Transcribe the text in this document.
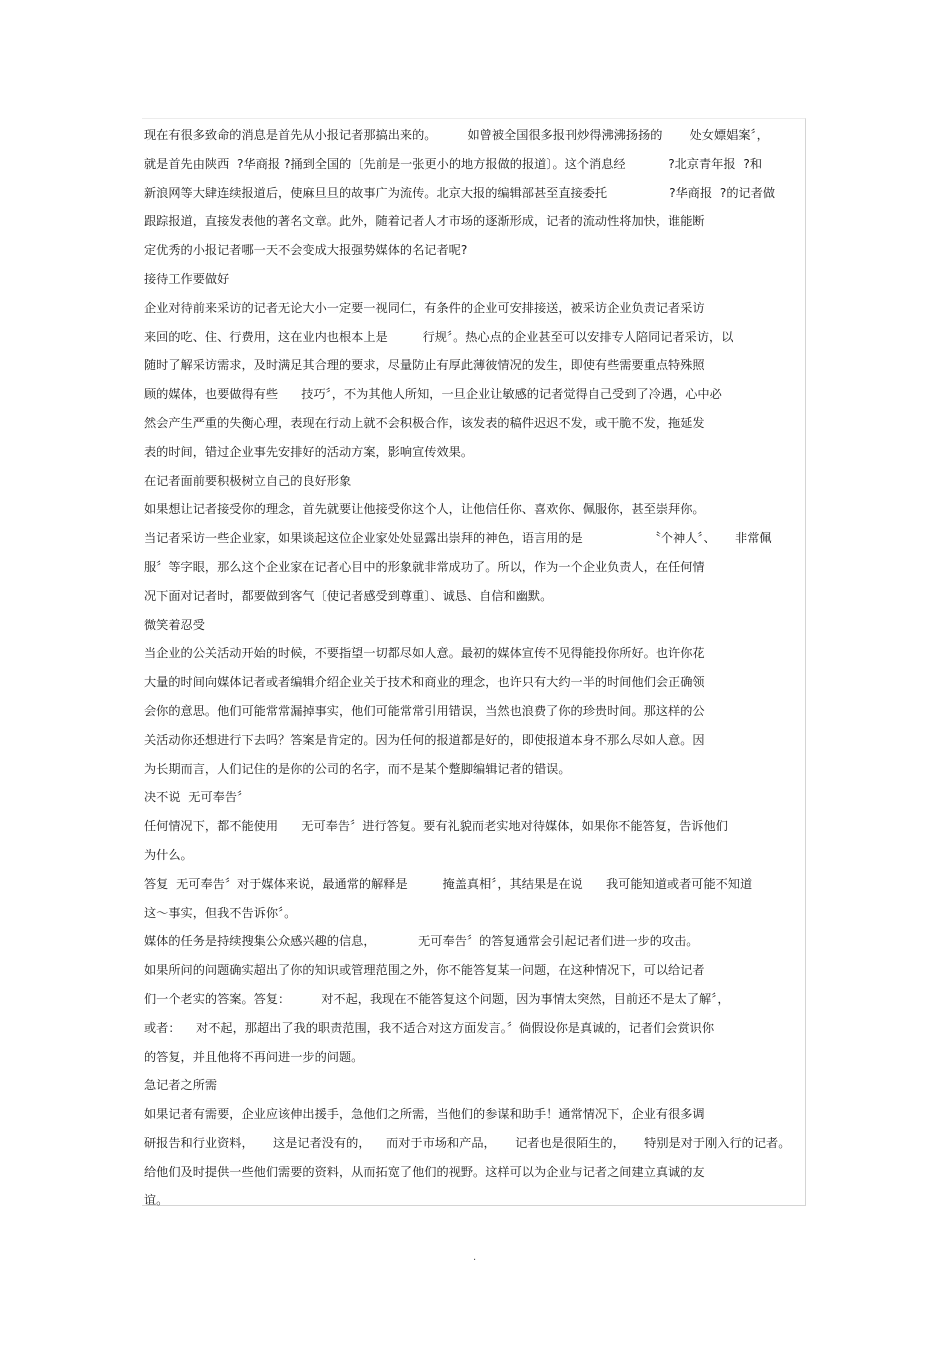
现在有很多致命的消息是首先从小报记者那搞出来的。        如曾被全国很多报刊炒得沸沸扬扬的       处女嫖娼案〞，
就是首先由陕西  ?华商报 ?捅到全国的〔先前是一张更小的地方报做的报道〕。这个消息经           ?北京青年报  ?和
新浪网等大肆连续报道后，使麻旦旦的故事广为流传。北京大报的编辑部甚至直接委托                ?华商报  ?的记者做
跟踪报道，直接发表他的著名文章。此外，随着记者人才市场的逐渐形成，记者的流动性将加快，谁能断
定优秀的小报记者哪一天不会变成大报强势媒体的名记者呢?
接待工作要做好
企业对待前来采访的记者无论大小一定要一视同仁，有条件的企业可安排接送，被采访企业负责记者采访
来回的吃、住、行费用，这在业内也根本上是         行规〞。热心点的企业甚至可以安排专人陪同记者采访，以
随时了解采访需求，及时满足其合理的要求，尽量防止有厚此薄彼情况的发生，即使有些需要重点特殊照
顾的媒体，也要做得有些      技巧〞，不为其他人所知，一旦企业让敏感的记者觉得自己受到了冷遇，心中必
然会产生严重的失衡心理，表现在行动上就不会积极合作，该发表的稿件迟迟不发，或干脆不发，拖延发
表的时间，错过企业事先安排好的活动方案，影响宣传效果。
在记者面前要积极树立自己的良好形象
如果想让记者接受你的理念，首先就要让他接受你这个人，让他信任你、喜欢你、佩服你，甚至崇拜你。
当记者采访一些企业家，如果谈起这位企业家处处显露出崇拜的神色，语言用的是                 〝个神人〞、     非常佩
服〞等字眼，那么这个企业家在记者心目中的形象就非常成功了。所以，作为一个企业负责人，在任何情
况下面对记者时，都要做到客气〔使记者感受到尊重〕、诚恳、自信和幽默。
微笑着忍受
当企业的公关活动开始的时候，不要指望一切都尽如人意。最初的媒体宣传不见得能投你所好。也许你花
大量的时间向媒体记者或者编辑介绍企业关于技术和商业的理念，也许只有大约一半的时间他们会正确领
会你的意思。他们可能常常漏掉事实，他们可能常常引用错误，当然也浪费了你的珍贵时间。那这样的公
关活动你还想进行下去吗？答案是肯定的。因为任何的报道都是好的，即使报道本身不那么尽如人意。因
为长期而言，人们记住的是你的公司的名字，而不是某个蹩脚编辑记者的错误。
决不说  无可奉告〞
任何情况下，都不能使用      无可奉告〞进行答复。要有礼貌而老实地对待媒体，如果你不能答复，告诉他们
为什么。
答复  无可奉告〞对于媒体来说，最通常的解释是         掩盖真相〞，其结果是在说      我可能知道或者可能不知道
这～事实，但我不告诉你〞。
媒体的任务是持续搜集公众感兴趣的信息，           无可奉告〞的答复通常会引起记者们进一步的攻击。
如果所问的问题确实超出了你的知识或管理范围之外，你不能答复某一问题，在这种情况下，可以给记者
们一个老实的答案。答复：        对不起，我现在不能答复这个问题，因为事情太突然，目前还不是太了解〞，
或者：    对不起，那超出了我的职责范围，我不适合对这方面发言。〞倘假设你是真诚的，记者们会赏识你
的答复，并且他将不再问进一步的问题。
急记者之所需
如果记者有需要，企业应该伸出援手，急他们之所需，当他们的参谋和助手！通常情况下，企业有很多调
研报告和行业资料，     这是记者没有的，    而对于市场和产品，     记者也是很陌生的，     特别是对于刚入行的记者。
给他们及时提供一些他们需要的资料，从而拓宽了他们的视野。这样可以为企业与记者之间建立真诚的友
谊。
.
